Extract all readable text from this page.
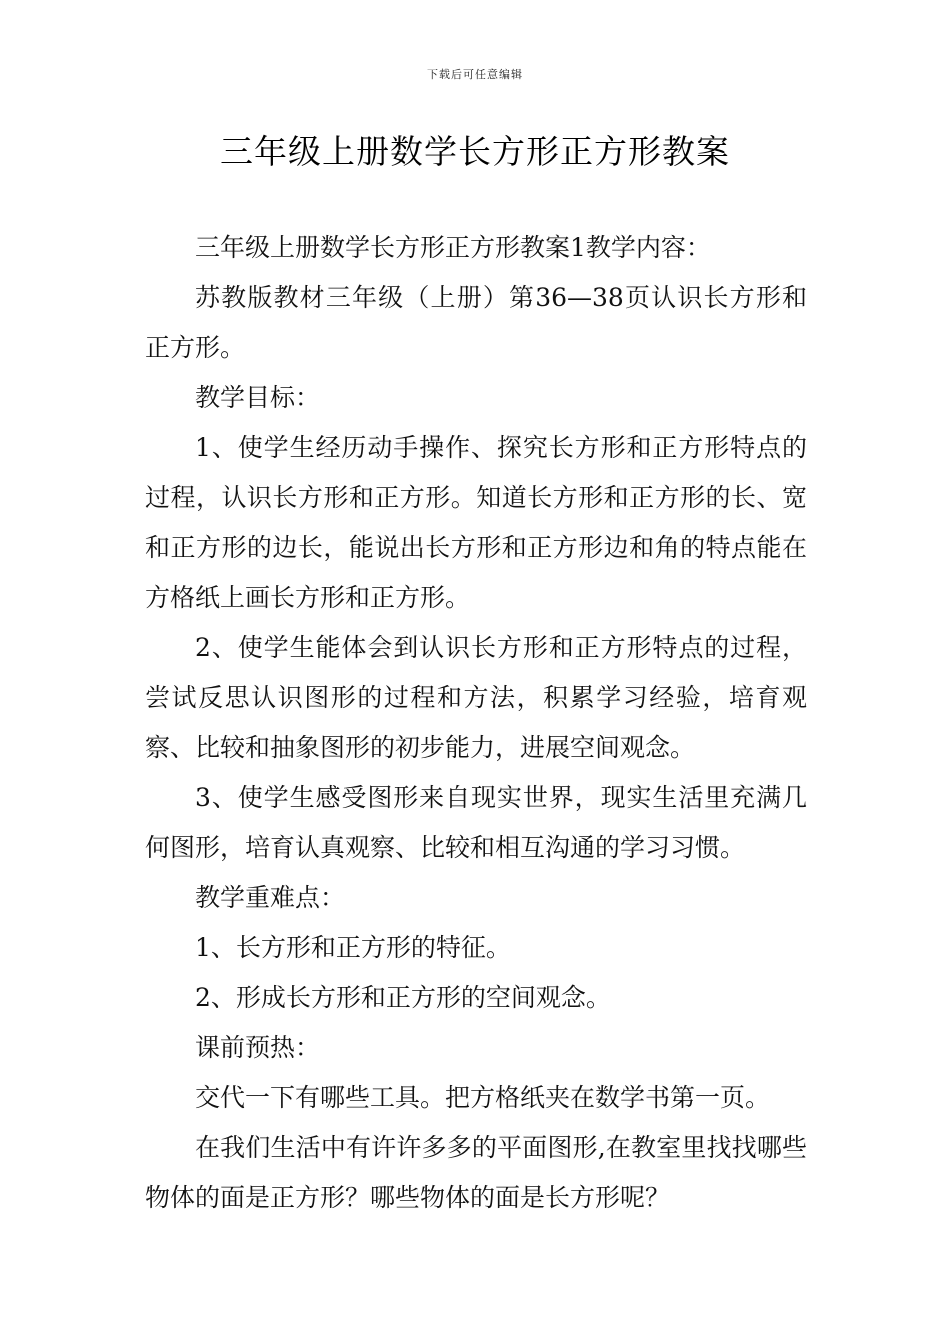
下载后可任意编辑
三年级上册数学长方形正方形教案

三年级上册数学长方形正方形教案1教学内容：

苏教版教材三年级（上册）第36—38页认识长方形和正方形。

教学目标：

1、使学生经历动手操作、探究长方形和正方形特点的过程，认识长方形和正方形。知道长方形和正方形的长、宽和正方形的边长，能说出长方形和正方形边和角的特点能在方格纸上画长方形和正方形。

2、使学生能体会到认识长方形和正方形特点的过程，尝试反思认识图形的过程和方法，积累学习经验，培育观察、比较和抽象图形的初步能力，进展空间观念。

3、使学生感受图形来自现实世界，现实生活里充满几何图形，培育认真观察、比较和相互沟通的学习习惯。

教学重难点：

1、长方形和正方形的特征。

2、形成长方形和正方形的空间观念。

课前预热：

交代一下有哪些工具。把方格纸夹在数学书第一页。

在我们生活中有许许多多的平面图形,在教室里找找哪些物体的面是正方形？哪些物体的面是长方形呢？
